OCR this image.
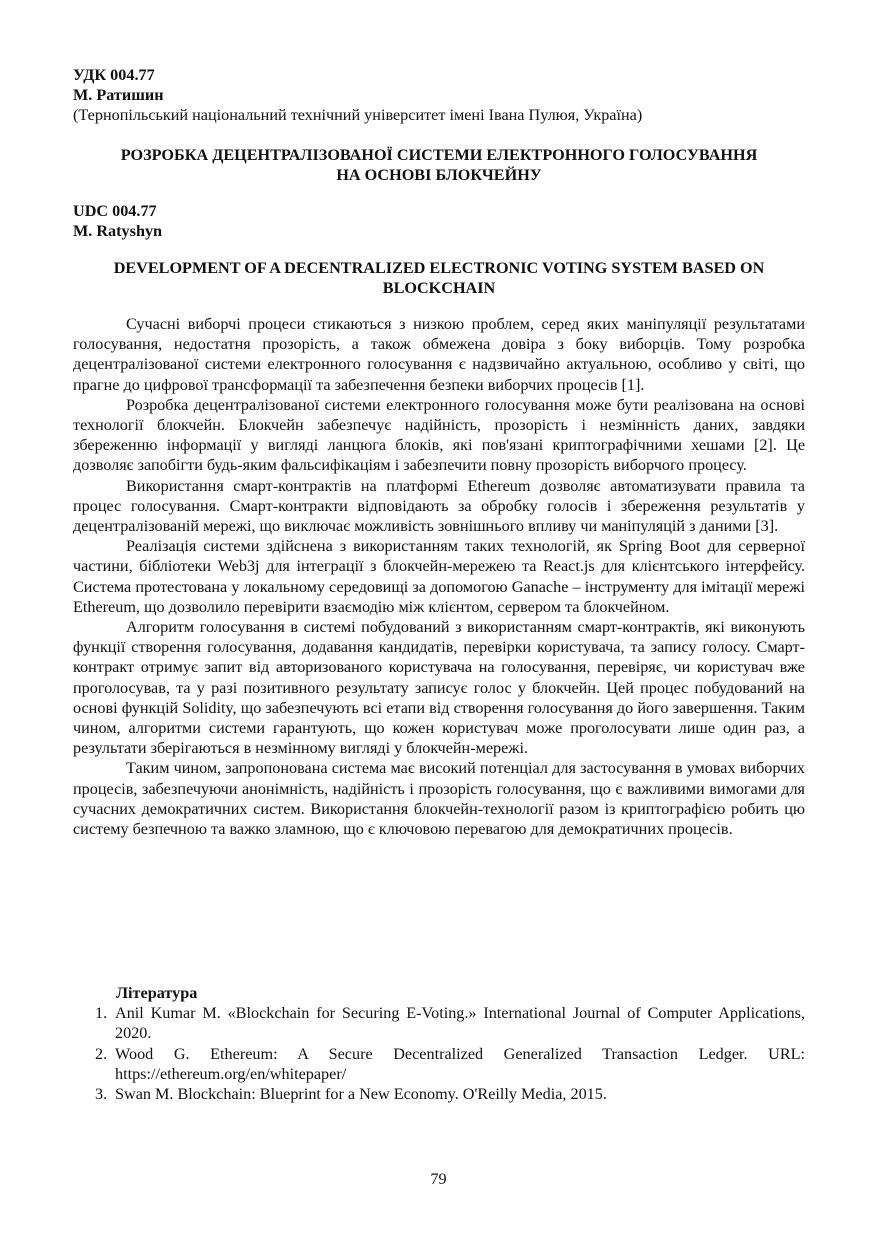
УДК 004.77
М. Ратишин
(Тернопільський національний технічний університет імені Івана Пулюя, Україна)
РОЗРОБКА ДЕЦЕНТРАЛІЗОВАНОЇ СИСТЕМИ ЕЛЕКТРОННОГО ГОЛОСУВАННЯ
НА ОСНОВІ БЛОКЧЕЙНУ
UDC 004.77
M. Ratyshyn
DEVELOPMENT OF A DECENTRALIZED ELECTRONIC VOTING SYSTEM BASED ON
BLOCKCHAIN

Сучасні виборчі процеси стикаються з низкою проблем, серед яких маніпуляції результатами голосування, недостатня прозорість, а також обмежена довіра з боку виборців. Тому розробка децентралізованої системи електронного голосування є надзвичайно актуальною, особливо у світі, що прагне до цифрової трансформації та забезпечення безпеки виборчих процесів [1].

Розробка децентралізованої системи електронного голосування може бути реалізована на основі технології блокчейн. Блокчейн забезпечує надійність, прозорість і незмінність даних, завдяки збереженню інформації у вигляді ланцюга блоків, які пов'язані криптографічними хешами [2]. Це дозволяє запобігти будь-яким фальсифікаціям і забезпечити повну прозорість виборчого процесу.

Використання смарт-контрактів на платформі Ethereum дозволяє автоматизувати правила та процес голосування. Смарт-контракти відповідають за обробку голосів і збереження результатів у децентралізованій мережі, що виключає можливість зовнішнього впливу чи маніпуляцій з даними [3].

Реалізація системи здійснена з використанням таких технологій, як Spring Boot для серверної частини, бібліотеки Web3j для інтеграції з блокчейн-мережею та React.js для клієнтського інтерфейсу. Система протестована у локальному середовищі за допомогою Ganache – інструменту для імітації мережі Ethereum, що дозволило перевірити взаємодію між клієнтом, сервером та блокчейном.

Алгоритм голосування в системі побудований з використанням смарт-контрактів, які виконують функції створення голосування, додавання кандидатів, перевірки користувача, та запису голосу. Смарт-контракт отримує запит від авторизованого користувача на голосування, перевіряє, чи користувач вже проголосував, та у разі позитивного результату записує голос у блокчейн. Цей процес побудований на основі функцій Solidity, що забезпечують всі етапи від створення голосування до його завершення. Таким чином, алгоритми системи гарантують, що кожен користувач може проголосувати лише один раз, а результати зберігаються в незмінному вигляді у блокчейн-мережі.

Таким чином, запропонована система має високий потенціал для застосування в умовах виборчих процесів, забезпечуючи анонімність, надійність і прозорість голосування, що є важливими вимогами для сучасних демократичних систем. Використання блокчейн-технології разом із криптографією робить цю систему безпечною та важко зламною, що є ключовою перевагою для демократичних процесів.

Література
1. Anil Kumar M. «Blockchain for Securing E-Voting.» International Journal of Computer Applications, 2020.
2. Wood G. Ethereum: A Secure Decentralized Generalized Transaction Ledger. URL: https://ethereum.org/en/whitepaper/
3. Swan M. Blockchain: Blueprint for a New Economy. O'Reilly Media, 2015.
79
